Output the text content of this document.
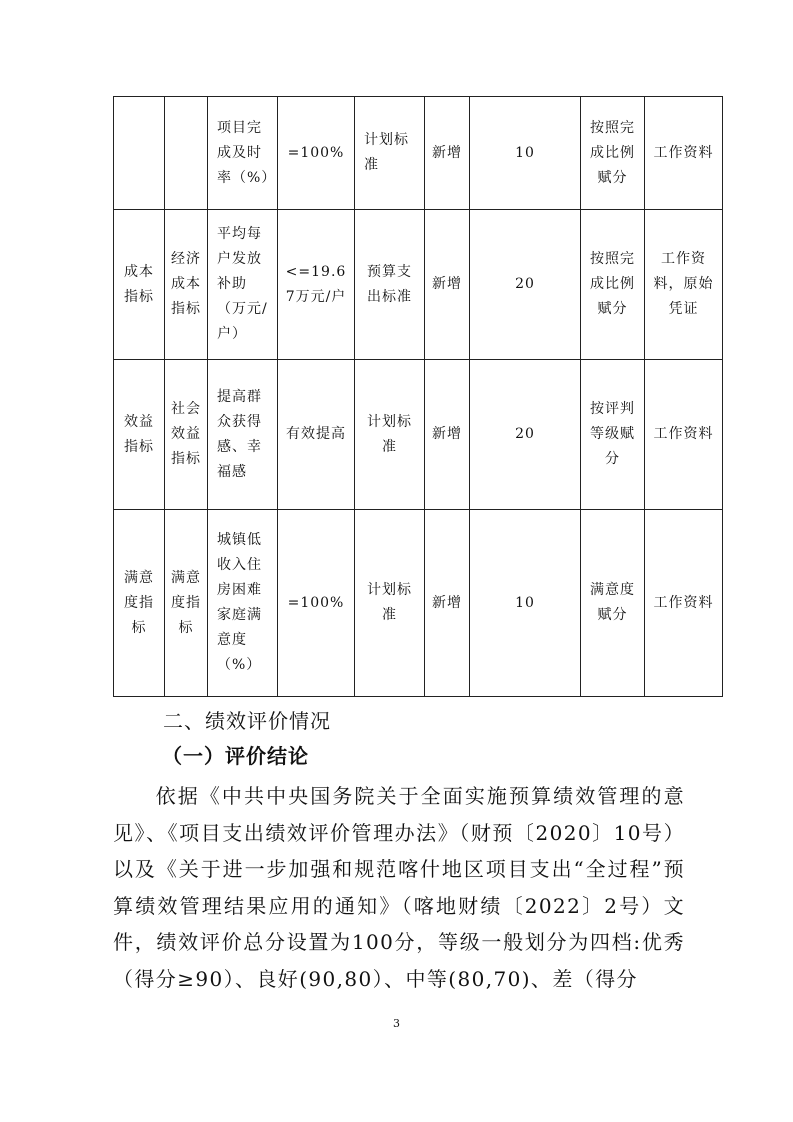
		项目完成及时率（%）	=100%	计划标准	新增	10	按照完成比例赋分	工作资料
成本指标	经济成本指标	平均每户发放补助（万元/户）	<=19.67万元/户	预算支出标准	新增	20	按照完成比例赋分	工作资料，原始凭证
效益指标	社会效益指标	提高群众获得感、幸福感	有效提高	计划标准	新增	20	按评判等级赋分	工作资料
满意度指标	满意度指标	城镇低收入住房困难家庭满意度（%）	=100%	计划标准	新增	10	满意度赋分	工作资料
二、绩效评价情况
（一）评价结论
依据《中共中央国务院关于全面实施预算绩效管理的意见》、《项目支出绩效评价管理办法》（财预〔2020〕10号）以及《关于进一步加强和规范喀什地区项目支出“全过程”预算绩效管理结果应用的通知》（喀地财绩〔2022〕2号）文件，绩效评价总分设置为100分，等级一般划分为四档:优秀（得分≥90）、良好(90,80）、中等(80,70)、差（得分
3
